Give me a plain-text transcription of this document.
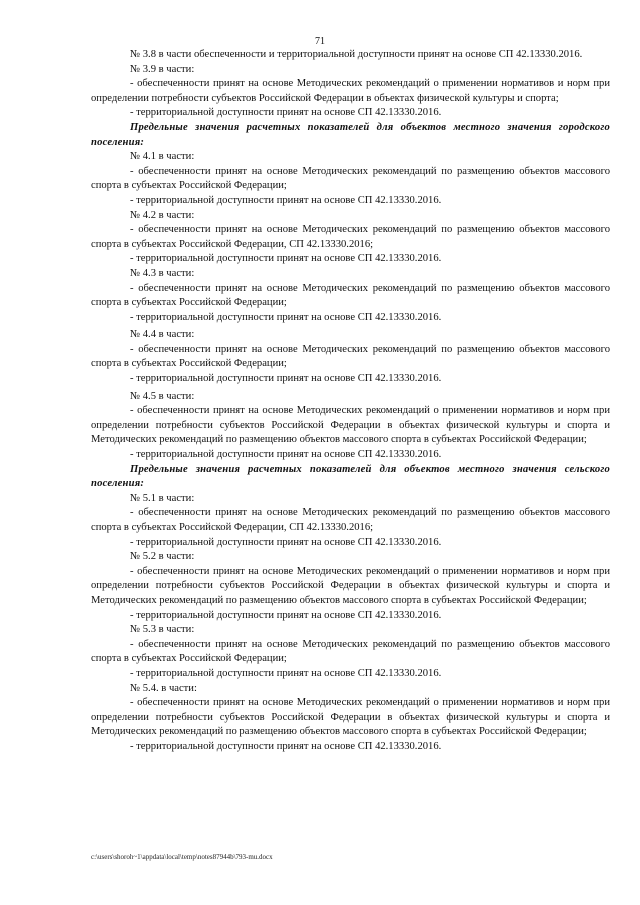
71

№ 3.8 в части обеспеченности и территориальной доступности принят на основе СП 42.13330.2016.

№ 3.9 в части:

- обеспеченности принят на основе Методических рекомендаций о применении нормативов и норм при определении потребности субъектов Российской Федерации в объектах физической культуры и спорта;

- территориальной доступности принят на основе СП 42.13330.2016.

Предельные значения расчетных показателей для объектов местного значения городского поселения:

№ 4.1 в части:

- обеспеченности принят на основе Методических рекомендаций по размещению объектов массового спорта в субъектах Российской Федерации;

- территориальной доступности принят на основе СП 42.13330.2016.

№ 4.2 в части:

- обеспеченности принят на основе Методических рекомендаций по размещению объектов массового спорта в субъектах Российской Федерации, СП 42.13330.2016;

- территориальной доступности принят на основе СП 42.13330.2016.

№ 4.3 в части:

- обеспеченности принят на основе Методических рекомендаций по размещению объектов массового спорта в субъектах Российской Федерации;

- территориальной доступности принят на основе СП 42.13330.2016.

№ 4.4 в части:

- обеспеченности принят на основе Методических рекомендаций по размещению объектов массового спорта в субъектах Российской Федерации;

- территориальной доступности принят на основе СП 42.13330.2016.

№ 4.5 в части:

- обеспеченности принят на основе Методических рекомендаций о применении нормативов и норм при определении потребности субъектов Российской Федерации в объектах физической культуры и спорта и Методических рекомендаций по размещению объектов массового спорта в субъектах Российской Федерации;

- территориальной доступности принят на основе СП 42.13330.2016.

Предельные значения расчетных показателей для объектов местного значения сельского поселения:

№ 5.1 в части:

- обеспеченности принят на основе Методических рекомендаций по размещению объектов массового спорта в субъектах Российской Федерации, СП 42.13330.2016;

- территориальной доступности принят на основе СП 42.13330.2016.

№ 5.2 в части:

- обеспеченности принят на основе Методических рекомендаций о применении нормативов и норм при определении потребности субъектов Российской Федерации в объектах физической культуры и спорта и Методических рекомендаций по размещению объектов массового спорта в субъектах Российской Федерации;

- территориальной доступности принят на основе СП 42.13330.2016.

№ 5.3 в части:

- обеспеченности принят на основе Методических рекомендаций по размещению объектов массового спорта в субъектах Российской Федерации;

- территориальной доступности принят на основе СП 42.13330.2016.

№ 5.4. в части:

- обеспеченности принят на основе Методических рекомендаций о применении нормативов и норм при определении потребности субъектов Российской Федерации в объектах физической культуры и спорта и Методических рекомендаций по размещению объектов массового спорта в субъектах Российской Федерации;

- территориальной доступности принят на основе СП 42.13330.2016.

c:\users\shoroh~1\appdata\local\temp\notes87944b\793-mu.docx
